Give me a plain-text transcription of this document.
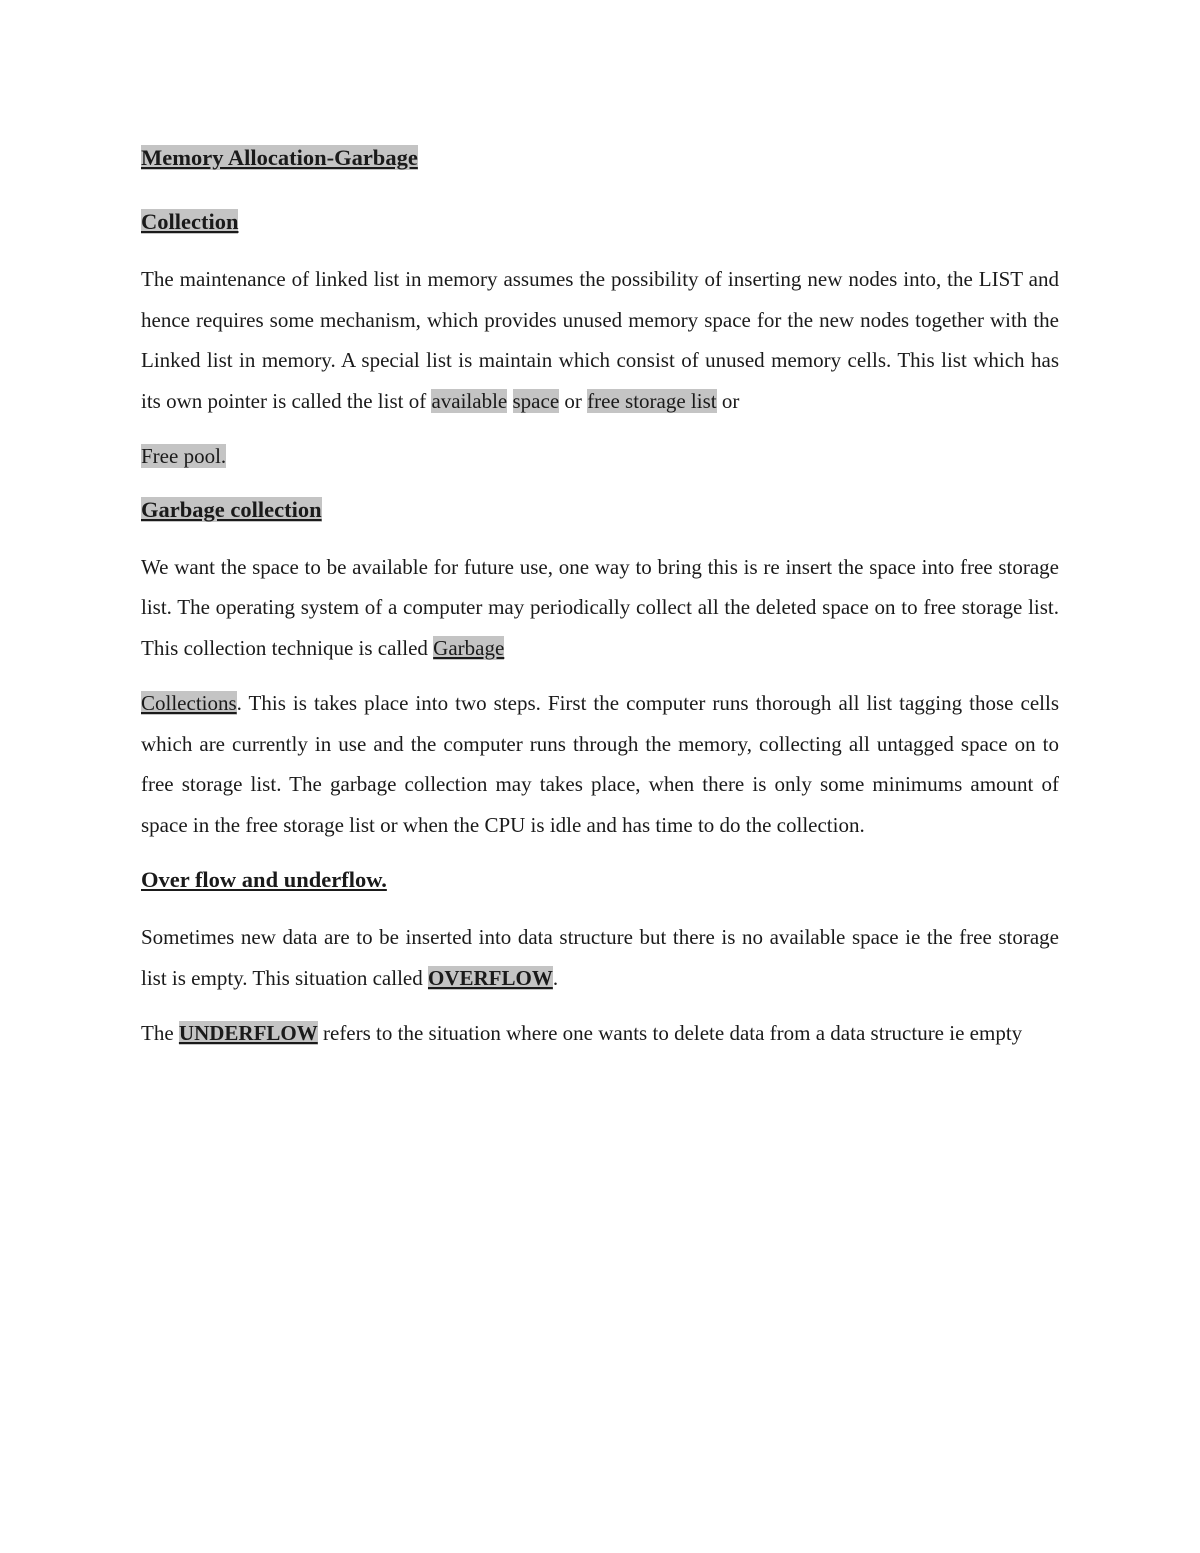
Memory Allocation-Garbage

Collection

The maintenance of linked list in memory assumes the possibility of inserting new nodes into, the LIST and hence requires some mechanism, which provides unused memory space for the new nodes together with the Linked list in memory. A special list is maintain which consist of unused memory cells. This list which has its own pointer is called the list of available space or free storage list or

Free pool.

Garbage collection

We want the space to be available for future use, one way to bring this is re insert the space into free storage list. The operating system of a computer may periodically collect all the deleted space on to free storage list. This collection technique is called Garbage

Collections. This is takes place into two steps. First the computer runs thorough all list tagging those cells which are currently in use and the computer runs through the memory, collecting all untagged space on to free storage list. The garbage collection may takes place, when there is only some minimums amount of space in the free storage list or when the CPU is idle and has time to do the collection.

Over flow and underflow.

Sometimes new data are to be inserted into data structure but there is no available space ie the free storage list is empty. This situation called OVERFLOW.

The UNDERFLOW refers to the situation where one wants to delete data from a data structure ie empty
